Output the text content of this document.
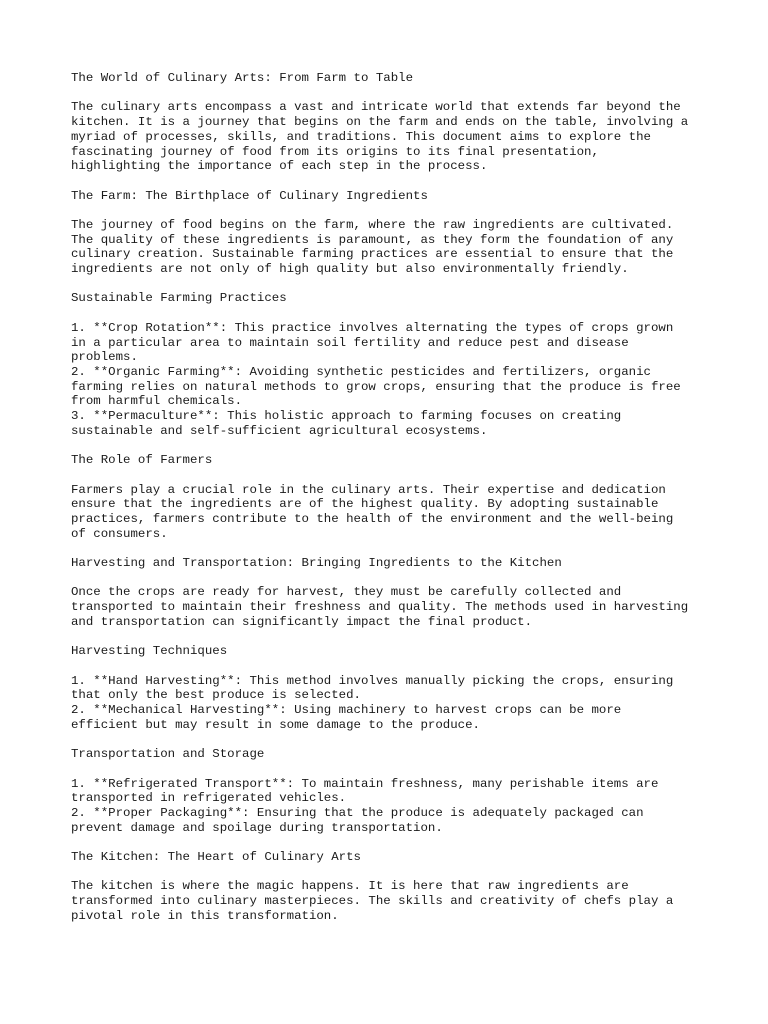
The World of Culinary Arts: From Farm to Table

The culinary arts encompass a vast and intricate world that extends far beyond the
kitchen. It is a journey that begins on the farm and ends on the table, involving a
myriad of processes, skills, and traditions. This document aims to explore the
fascinating journey of food from its origins to its final presentation,
highlighting the importance of each step in the process.

The Farm: The Birthplace of Culinary Ingredients

The journey of food begins on the farm, where the raw ingredients are cultivated.
The quality of these ingredients is paramount, as they form the foundation of any
culinary creation. Sustainable farming practices are essential to ensure that the
ingredients are not only of high quality but also environmentally friendly.

Sustainable Farming Practices

1. **Crop Rotation**: This practice involves alternating the types of crops grown
in a particular area to maintain soil fertility and reduce pest and disease
problems.
2. **Organic Farming**: Avoiding synthetic pesticides and fertilizers, organic
farming relies on natural methods to grow crops, ensuring that the produce is free
from harmful chemicals.
3. **Permaculture**: This holistic approach to farming focuses on creating
sustainable and self-sufficient agricultural ecosystems.

The Role of Farmers

Farmers play a crucial role in the culinary arts. Their expertise and dedication
ensure that the ingredients are of the highest quality. By adopting sustainable
practices, farmers contribute to the health of the environment and the well-being
of consumers.

Harvesting and Transportation: Bringing Ingredients to the Kitchen

Once the crops are ready for harvest, they must be carefully collected and
transported to maintain their freshness and quality. The methods used in harvesting
and transportation can significantly impact the final product.

Harvesting Techniques

1. **Hand Harvesting**: This method involves manually picking the crops, ensuring
that only the best produce is selected.
2. **Mechanical Harvesting**: Using machinery to harvest crops can be more
efficient but may result in some damage to the produce.

Transportation and Storage

1. **Refrigerated Transport**: To maintain freshness, many perishable items are
transported in refrigerated vehicles.
2. **Proper Packaging**: Ensuring that the produce is adequately packaged can
prevent damage and spoilage during transportation.

The Kitchen: The Heart of Culinary Arts

The kitchen is where the magic happens. It is here that raw ingredients are
transformed into culinary masterpieces. The skills and creativity of chefs play a
pivotal role in this transformation.
